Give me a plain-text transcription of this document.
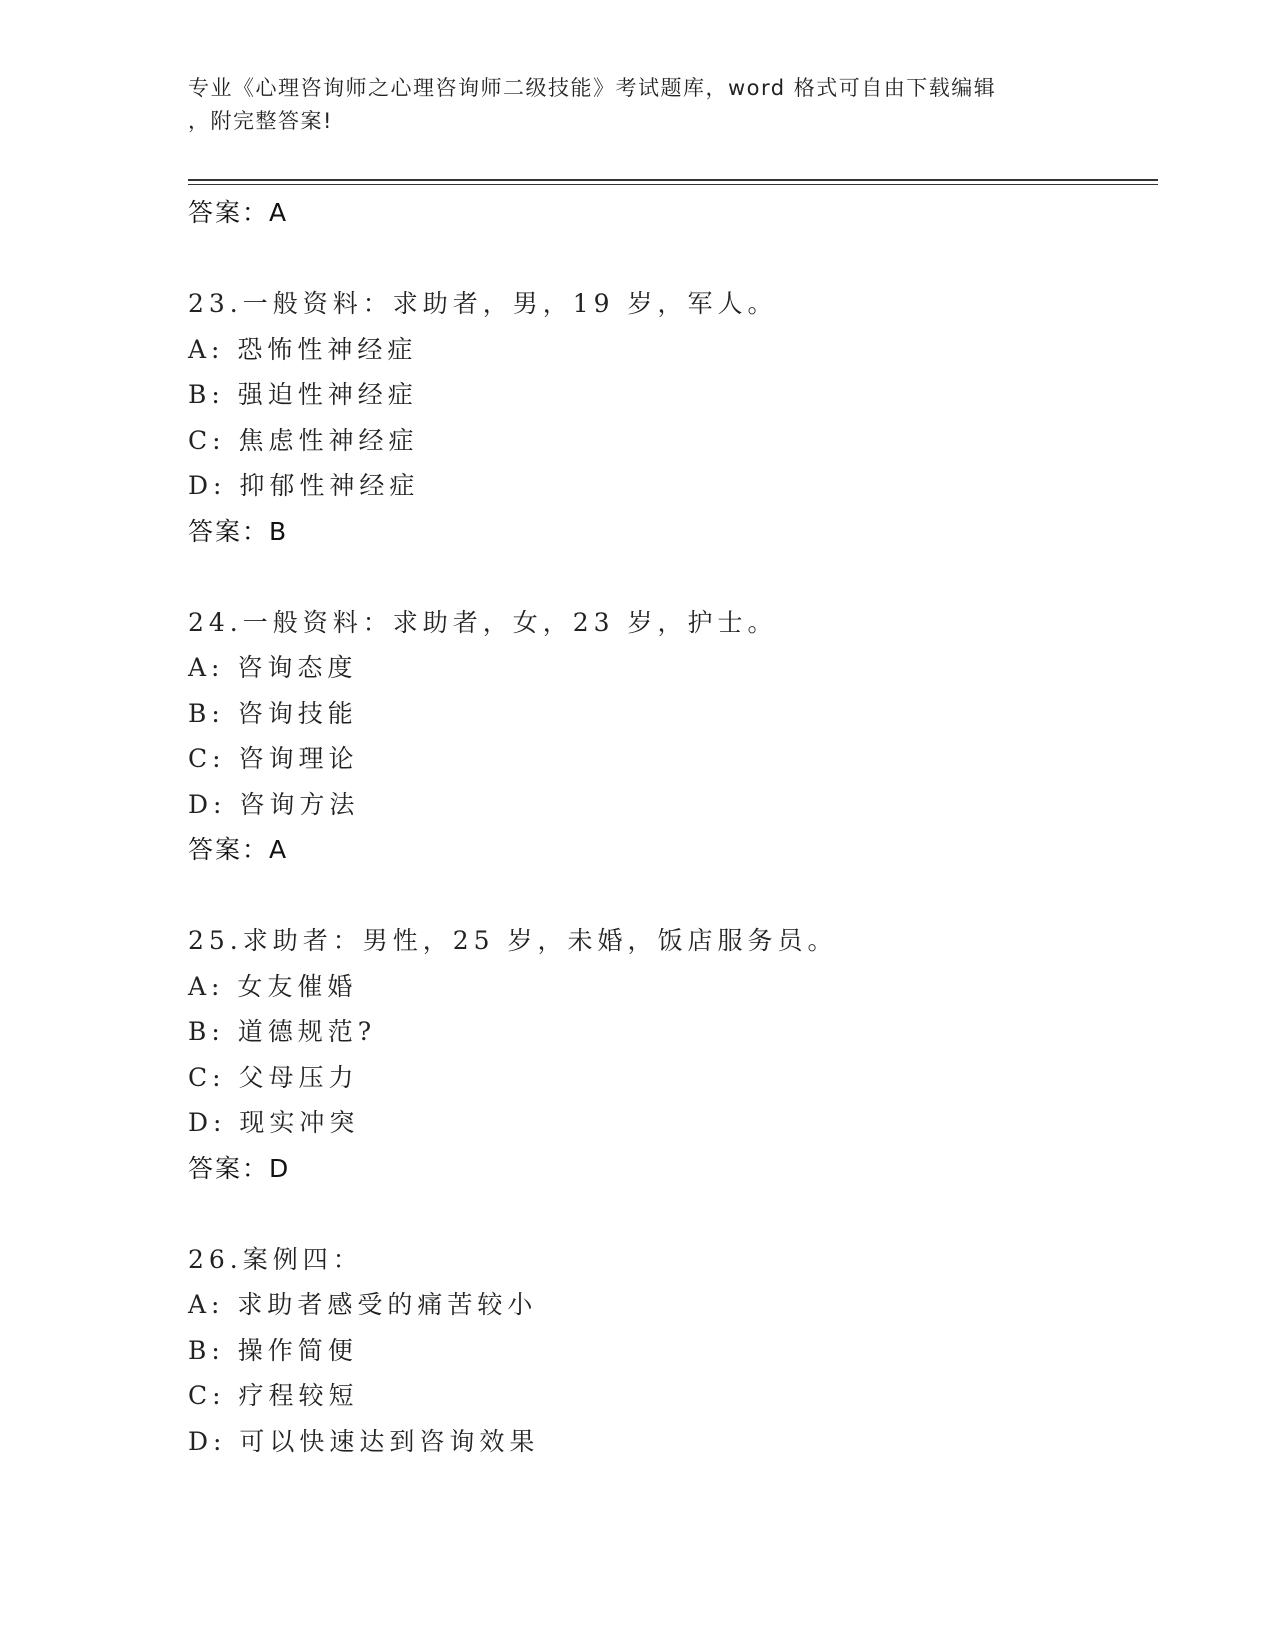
专业《心理咨询师之心理咨询师二级技能》考试题库，word 格式可自由下载编辑
，附完整答案!
答案：A
23.一般资料：求助者，男，19 岁，军人。
A: 恐怖性神经症
B: 强迫性神经症
C: 焦虑性神经症
D: 抑郁性神经症
答案：B
24.一般资料：求助者，女，23 岁，护士。
A: 咨询态度
B: 咨询技能
C: 咨询理论
D: 咨询方法
答案：A
25.求助者：男性，25 岁，未婚，饭店服务员。
A: 女友催婚
B: 道德规范?
C: 父母压力
D: 现实冲突
答案：D
26.案例四：
A: 求助者感受的痛苦较小
B: 操作简便
C: 疗程较短
D: 可以快速达到咨询效果
